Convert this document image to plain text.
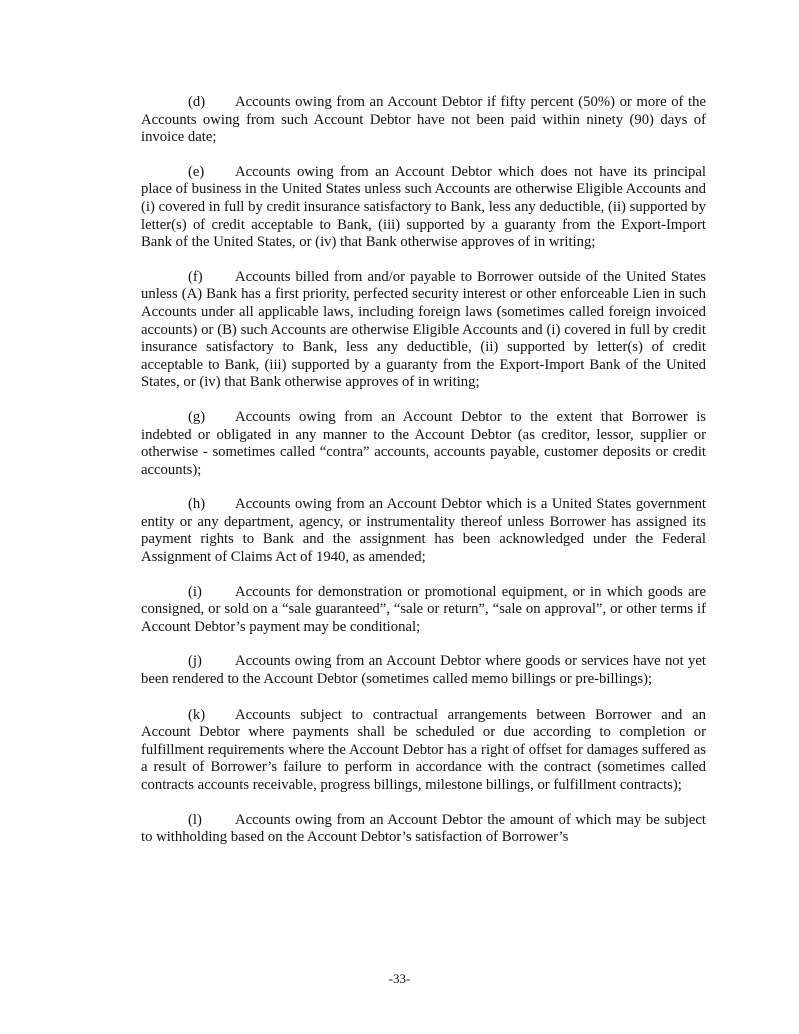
(d) Accounts owing from an Account Debtor if fifty percent (50%) or more of the Accounts owing from such Account Debtor have not been paid within ninety (90) days of invoice date;

(e) Accounts owing from an Account Debtor which does not have its principal place of business in the United States unless such Accounts are otherwise Eligible Accounts and (i) covered in full by credit insurance satisfactory to Bank, less any deductible, (ii) supported by letter(s) of credit acceptable to Bank, (iii) supported by a guaranty from the Export-Import Bank of the United States, or (iv) that Bank otherwise approves of in writing;

(f) Accounts billed from and/or payable to Borrower outside of the United States unless (A) Bank has a first priority, perfected security interest or other enforceable Lien in such Accounts under all applicable laws, including foreign laws (sometimes called foreign invoiced accounts) or (B) such Accounts are otherwise Eligible Accounts and (i) covered in full by credit insurance satisfactory to Bank, less any deductible, (ii) supported by letter(s) of credit acceptable to Bank, (iii) supported by a guaranty from the Export-Import Bank of the United States, or (iv) that Bank otherwise approves of in writing;

(g) Accounts owing from an Account Debtor to the extent that Borrower is indebted or obligated in any manner to the Account Debtor (as creditor, lessor, supplier or otherwise - sometimes called “contra” accounts, accounts payable, customer deposits or credit accounts);

(h) Accounts owing from an Account Debtor which is a United States government entity or any department, agency, or instrumentality thereof unless Borrower has assigned its payment rights to Bank and the assignment has been acknowledged under the Federal Assignment of Claims Act of 1940, as amended;

(i) Accounts for demonstration or promotional equipment, or in which goods are consigned, or sold on a “sale guaranteed”, “sale or return”, “sale on approval”, or other terms if Account Debtor’s payment may be conditional;

(j) Accounts owing from an Account Debtor where goods or services have not yet been rendered to the Account Debtor (sometimes called memo billings or pre-billings);

(k) Accounts subject to contractual arrangements between Borrower and an Account Debtor where payments shall be scheduled or due according to completion or fulfillment requirements where the Account Debtor has a right of offset for damages suffered as a result of Borrower’s failure to perform in accordance with the contract (sometimes called contracts accounts receivable, progress billings, milestone billings, or fulfillment contracts);

(l) Accounts owing from an Account Debtor the amount of which may be subject to withholding based on the Account Debtor’s satisfaction of Borrower’s

-33-
